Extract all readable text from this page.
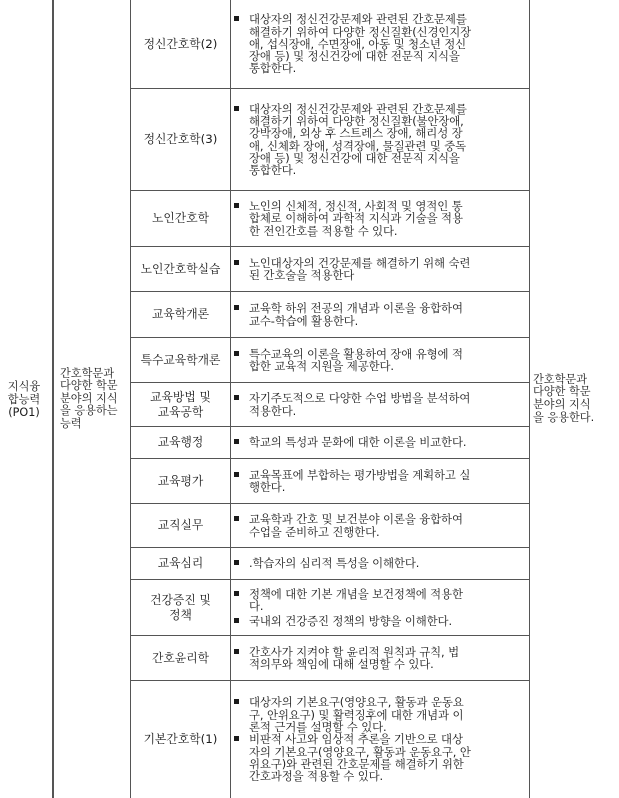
지식융
합능력
(PO1)
간호학문과
다양한 학문
분야의 지식
을 응용하는
능력
간호학문과
다양한 학문
분야의 지식
을 응용한다.
정신간호학(2)
정신간호학(3)
노인간호학
노인간호학실습
교육학개론
특수교육학개론
교육방법 및
교육공학
교육행정
교육평가
교직실무
교육심리
건강증진 및
정책
간호윤리학
기본간호학(1)
대상자의 정신건강문제와 관련된 간호문제를
해결하기 위하여 다양한 정신질환(신경인지장
애, 섭식장애, 수면장애, 아동 및 청소년 정신
장애 등) 및 정신건강에 대한 전문직 지식을
통합한다.
대상자의 정신건강문제와 관련된 간호문제를
해결하기 위하여 다양한 정신질환(불안장애,
강박장애, 외상 후 스트레스 장애, 해리성 장
애, 신체화 장애, 성격장애, 물질관련 및 중독
장애 등) 및 정신건강에 대한 전문직 지식을
통합한다.
노인의 신체적, 정신적, 사회적 및 영적인 통
합체로 이해하여 과학적 지식과 기술을 적용
한 전인간호를 적용할 수 있다.
노인대상자의 건강문제를 해결하기 위해 숙련
된 간호술을 적용한다
교육학 하위 전공의 개념과 이론을 융합하여
교수-학습에 활용한다.
특수교육의 이론을 활용하여 장애 유형에 적
합한 교육적 지원을 제공한다.
자기주도적으로 다양한 수업 방법을 분석하여
적용한다.
학교의 특성과 문화에 대한 이론을 비교한다.
교육목표에 부합하는 평가방법을 계획하고 실
행한다.
교육학과 간호 및 보건분야 이론을 융합하여
수업을 준비하고 진행한다.
.학습자의 심리적 특성을 이해한다.
정책에 대한 기본 개념을 보건정책에 적용한
다.
국내외 건강증진 정책의 방향을 이해한다.
간호사가 지켜야 할 윤리적 원칙과 규칙, 법
적의무와 책임에 대해 설명할 수 있다.
대상자의 기본요구(영양요구, 활동과 운동요
구, 안위요구) 및 활력징후에 대한 개념과 이
론적 근거를 설명할 수 있다.
비판적 사고와 임상적 추론을 기반으로 대상
자의 기본요구(영양요구, 활동과 운동요구, 안
위요구)와 관련된 간호문제를 해결하기 위한
간호과정을 적용할 수 있다.
